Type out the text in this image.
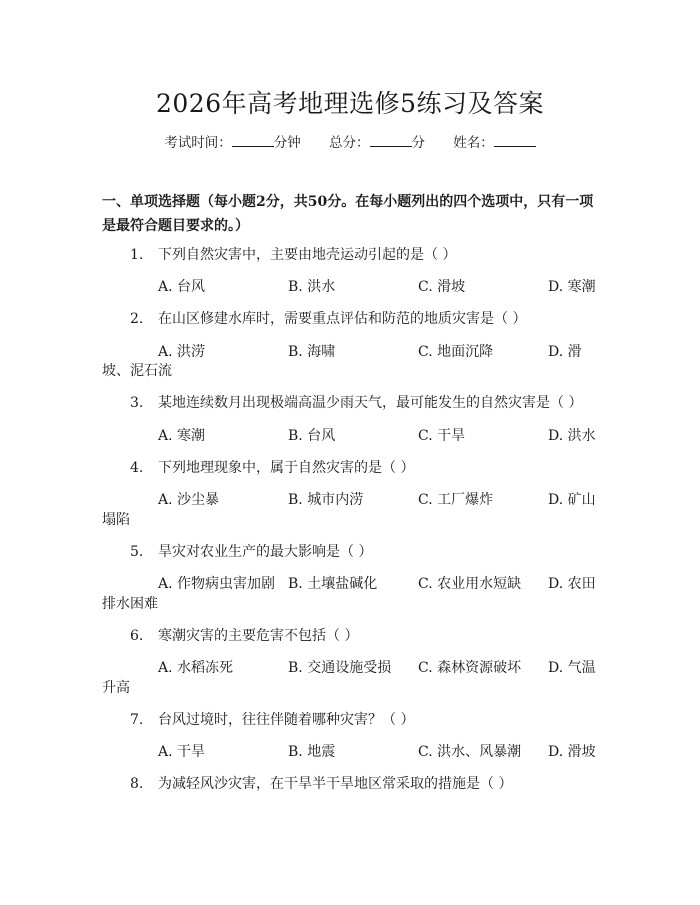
2026年高考地理选修5练习及答案
考试时间：	分钟 总分：	分 姓名：
一、单项选择题（每小题2分，共50分。在每小题列出的四个选项中，只有一项是最符合题目要求的。）
1. 下列自然灾害中，主要由地壳运动引起的是（ ）
A. 台风	B. 洪水	C. 滑坡	D. 寒潮
2. 在山区修建水库时，需要重点评估和防范的地质灾害是（ ）
A. 洪涝	B. 海啸	C. 地面沉降	D. 滑
坡、泥石流
3. 某地连续数月出现极端高温少雨天气，最可能发生的自然灾害是（ ）
A. 寒潮	B. 台风	C. 干旱	D. 洪水
4. 下列地理现象中，属于自然灾害的是（ ）
A. 沙尘暴	B. 城市内涝	C. 工厂爆炸	D. 矿山
塌陷
5. 旱灾对农业生产的最大影响是（ ）
A. 作物病虫害加剧 B. 土壤盐碱化	C. 农业用水短缺 D. 农田
排水困难
6. 寒潮灾害的主要危害不包括（ ）
A. 水稻冻死	B. 交通设施受损 C. 森林资源破坏 D. 气温
升高
7. 台风过境时，往往伴随着哪种灾害？（ ）
A. 干旱	B. 地震	C. 洪水、风暴潮 D. 滑坡
8. 为减轻风沙灾害，在干旱半干旱地区常采取的措施是（ ）
